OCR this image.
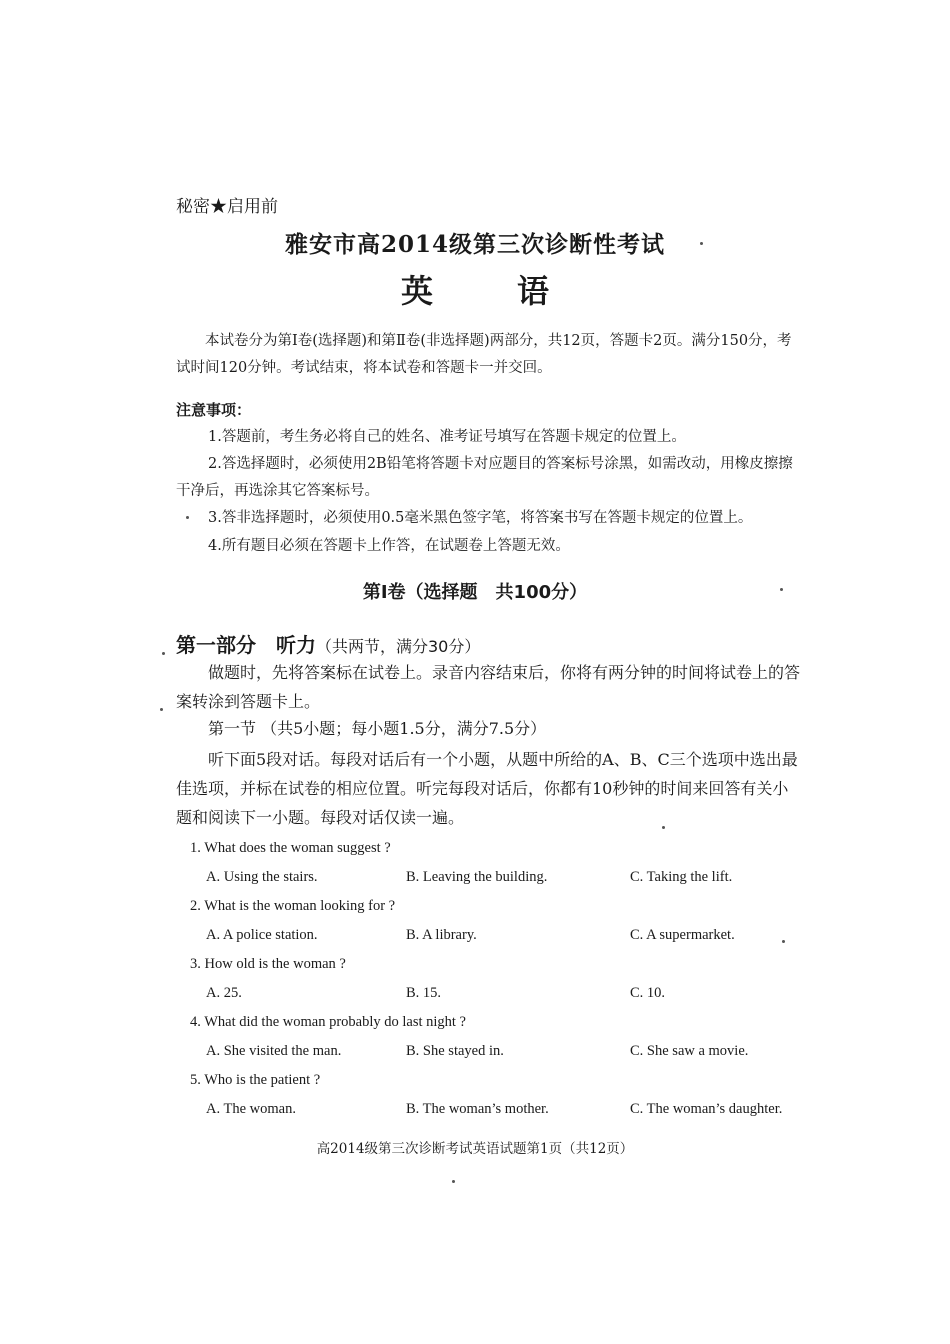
秘密★启用前
雅安市高2014级第三次诊断性考试
英	语
本试卷分为第Ⅰ卷(选择题)和第Ⅱ卷(非选择题)两部分，共12页，答题卡2页。满分150分，考试时间120分钟。考试结束，将本试卷和答题卡一并交回。
注意事项：
1.答题前，考生务必将自己的姓名、准考证号填写在答题卡规定的位置上。
2.答选择题时，必须使用2B铅笔将答题卡对应题目的答案标号涂黑，如需改动，用橡皮擦擦干净后，再选涂其它答案标号。
3.答非选择题时，必须使用0.5毫米黑色签字笔，将答案书写在答题卡规定的位置上。
4.所有题目必须在答题卡上作答，在试题卷上答题无效。
第Ⅰ卷（选择题　共100分）
第一部分　听力（共两节，满分30分）
做题时，先将答案标在试卷上。录音内容结束后，你将有两分钟的时间将试卷上的答案转涂到答题卡上。
第一节 （共5小题；每小题1.5分，满分7.5分）
听下面5段对话。每段对话后有一个小题，从题中所给的A、B、C三个选项中选出最佳选项，并标在试卷的相应位置。听完每段对话后，你都有10秒钟的时间来回答有关小题和阅读下一小题。每段对话仅读一遍。
1. What does the woman suggest ?
A. Using the stairs.	B. Leaving the building.	C. Taking the lift.
2. What is the woman looking for ?
A. A police station.	B. A library.	C. A supermarket.
3. How old is the woman ?
A. 25.	B. 15.	C. 10.
4. What did the woman probably do last night ?
A. She visited the man.	B. She stayed in.	C. She saw a movie.
5. Who is the patient ?
A. The woman.	B. The woman’s mother.	C. The woman’s daughter.
高2014级第三次诊断考试英语试题第1页（共12页）
